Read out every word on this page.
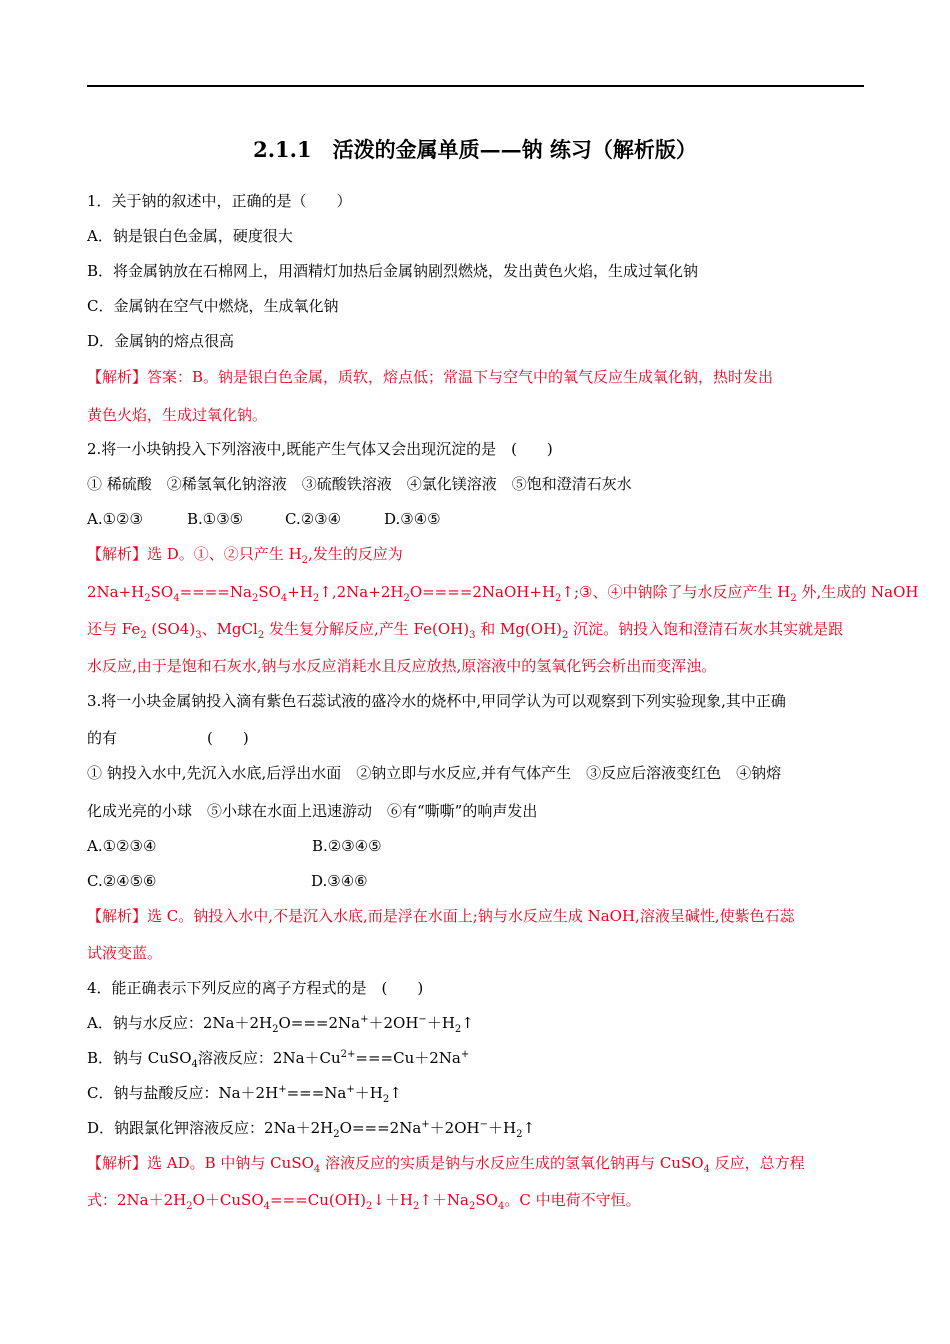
2.1.1　活泼的金属单质——钠 练习（解析版）
1．关于钠的叙述中，正确的是（　　）
A．钠是银白色金属，硬度很大
B．将金属钠放在石棉网上，用酒精灯加热后金属钠剧烈燃烧，发出黄色火焰，生成过氧化钠
C．金属钠在空气中燃烧，生成氧化钠
D．金属钠的熔点很高
【解析】答案：B。钠是银白色金属，质软，熔点低；常温下与空气中的氧气反应生成氧化钠，热时发出
黄色火焰，生成过氧化钠。
2.将一小块钠投入下列溶液中,既能产生气体又会出现沉淀的是　(　　)
① 稀硫酸　②稀氢氧化钠溶液　③硫酸铁溶液　④氯化镁溶液　⑤饱和澄清石灰水
A.①②③	B.①③⑤	C.②③④	D.③④⑤
【解析】选 D。①、②只产生 $H_2$,发生的反应为
$2Na+H_2SO_4====Na_2SO_4+H_2↑,2Na+2H_2O====2NaOH+H_2↑;③$、④中钠除了与水反应产生 $H_2$ 外,生成的 NaOH
还与 $Fe_2$ $(SO4)_3$、MgCl$_2$ 发生复分解反应,产生 $Fe(OH)_3$ 和 $Mg(OH)_2$ 沉淀。钠投入饱和澄清石灰水其实就是跟
水反应,由于是饱和石灰水,钠与水反应消耗水且反应放热,原溶液中的氢氧化钙会析出而变浑浊。
3.将一小块金属钠投入滴有紫色石蕊试液的盛冷水的烧杯中,甲同学认为可以观察到下列实验现象,其中正确
的有　　　　　　(　　)
① 钠投入水中,先沉入水底,后浮出水面　②钠立即与水反应,并有气体产生　③反应后溶液变红色　④钠熔
化成光亮的小球　⑤小球在水面上迅速游动　⑥有“嘶嘶”的响声发出
A.①②③④	B.②③④⑤
C.②④⑤⑥	D.③④⑥
【解析】选 C。钠投入水中,不是沉入水底,而是浮在水面上;钠与水反应生成 NaOH,溶液呈碱性,使紫色石蕊
试液变蓝。
4．能正确表示下列反应的离子方程式的是　(　　)
A．钠与水反应：$2Na+2H_2O===2Na^++2OH^-+H_2↑$
B．钠与 CuSO$_4$溶液反应：$2Na+Cu^{2+}===Cu+2Na^+$
C．钠与盐酸反应：$Na+2H^+===Na^++H_2↑$
D．钠跟氯化钾溶液反应：$2Na+2H_2O===2Na^++2OH^-+H_2↑$
【解析】选 AD。B 中钠与 CuSO$_4$ 溶液反应的实质是钠与水反应生成的氢氧化钠再与 CuSO$_4$ 反应，总方程
式：$2Na+2H_2O+CuSO_4===Cu(OH)_2↓+H_2↑+Na_2SO_4$。C 中电荷不守恒。
